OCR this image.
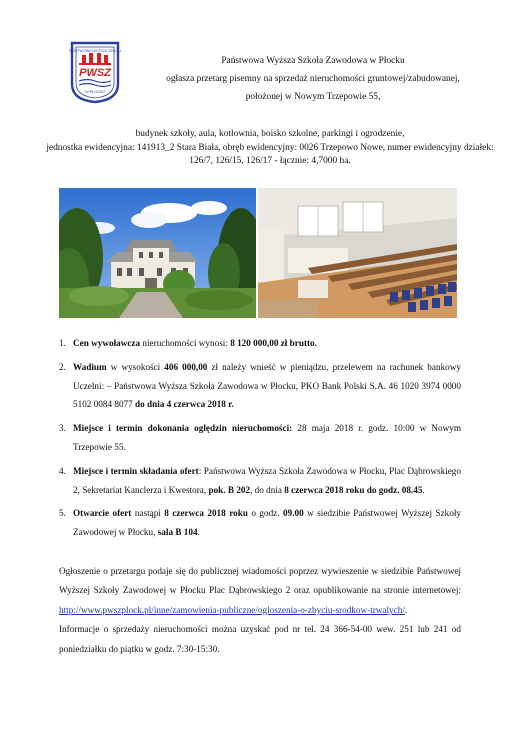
PAŃSTWOWA WYŻSZA SZKOŁA
PWSZ
W PŁOCKU
Państwowa Wyższa Szkoła Zawodowa w Płocku
ogłasza przetarg pisemny na sprzedaż nieruchomości gruntowej/zabudowanej,
położonej w Nowym Trzepowie 55,
budynek szkoły, aula, kotłownia, boisko szkolne, parkingi i ogrodzenie,
jednostka ewidencyjna: 141913_2 Stara Biała, obręb ewidencyjny: 0026 Trzepowo Nowe, numer ewidencyjny działek: 126/7, 126/15, 126/17 - łącznie: 4,7000 ha.
1. Cen wywoławcza nieruchomości wynosi: 8 120 000,00 zł brutto.
2. Wadium w wysokości 406 000,00 zł należy wnieść w pieniądzu, przelewem na rachunek bankowy Uczelni: – Państwowa Wyższa Szkoła Zawodowa w Płocku, PKO Bank Polski S.A. 46 1020 3974 0000 5102 0084 8077 do dnia 4 czerwca 2018 r.
3. Miejsce i termin dokonania oględzin nieruchomości: 28 maja 2018 r. godz. 10:00 w Nowym Trzepowie 55.
4. Miejsce i termin składania ofert: Państwowa Wyższa Szkoła Zawodowa w Płocku, Plac Dąbrowskiego 2, Sekretariat Kanclerza i Kwestora, pok. B 202, do dnia 8 czerwca 2018 roku do godz. 08.45.
5. Otwarcie ofert nastąpi 8 czerwca 2018 roku o godz. 09.00 w siedzibie Państwowej Wyższej Szkoły Zawodowej w Płocku, sala B 104.
Ogłoszenie o przetargu podaje się do publicznej wiadomości poprzez wywieszenie w siedzibie Państwowej Wyższej Szkoły Zawodowej w Płocku Plac Dąbrowskiego 2 oraz opublikowanie na stronie internetowej: http://www.pwszplock.pl/inne/zamowienia-publiczne/ogloszenia-o-zbyciu-srodkow-trwalych/.
Informacje o sprzedaży nieruchomości można uzyskać pod nr tel. 24 366-54-00 wew. 251 lub 241 od poniedziałku do piątku w godz. 7:30-15:30.
